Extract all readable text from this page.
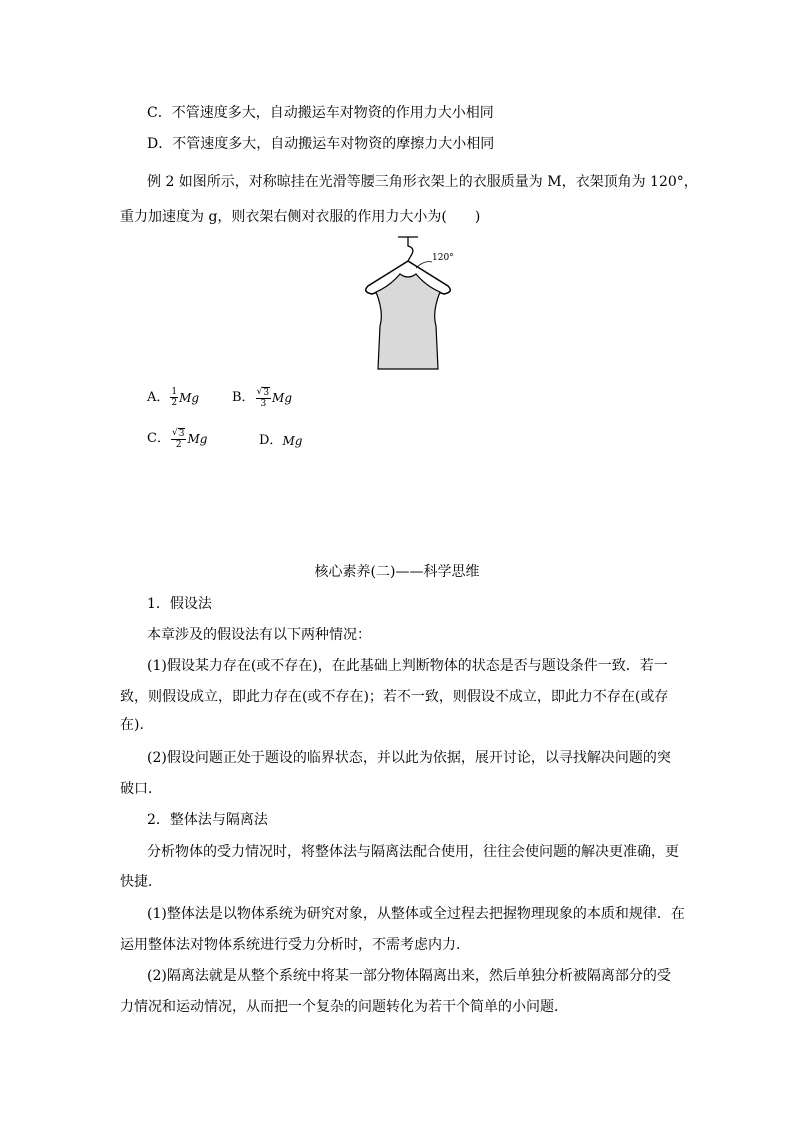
C．不管速度多大，自动搬运车对物资的作用力大小相同
D．不管速度多大，自动搬运车对物资的摩擦力大小相同
例 2 如图所示，对称晾挂在光滑等腰三角形衣架上的衣服质量为 M，衣架顶角为 120°，
重力加速度为 g，则衣架右侧对衣服的作用力大小为(　　)
120°
A． $\frac{1}{2}$ Mg	B． $\frac{√ 3}{3}$ Mg
C． $\frac{√ 3}{2}$ Mg	D． Mg
核心素养(二)——科学思维
1．假设法
本章涉及的假设法有以下两种情况：
(1)假设某力存在(或不存在)，在此基础上判断物体的状态是否与题设条件一致．若一
致，则假设成立，即此力存在(或不存在)；若不一致，则假设不成立，即此力不存在(或存
在)．
(2)假设问题正处于题设的临界状态，并以此为依据，展开讨论，以寻找解决问题的突
破口．
2．整体法与隔离法
分析物体的受力情况时，将整体法与隔离法配合使用，往往会使问题的解决更准确，更
快捷．
(1)整体法是以物体系统为研究对象，从整体或全过程去把握物理现象的本质和规律．在
运用整体法对物体系统进行受力分析时，不需考虑内力．
(2)隔离法就是从整个系统中将某一部分物体隔离出来，然后单独分析被隔离部分的受
力情况和运动情况，从而把一个复杂的问题转化为若干个简单的小问题．
